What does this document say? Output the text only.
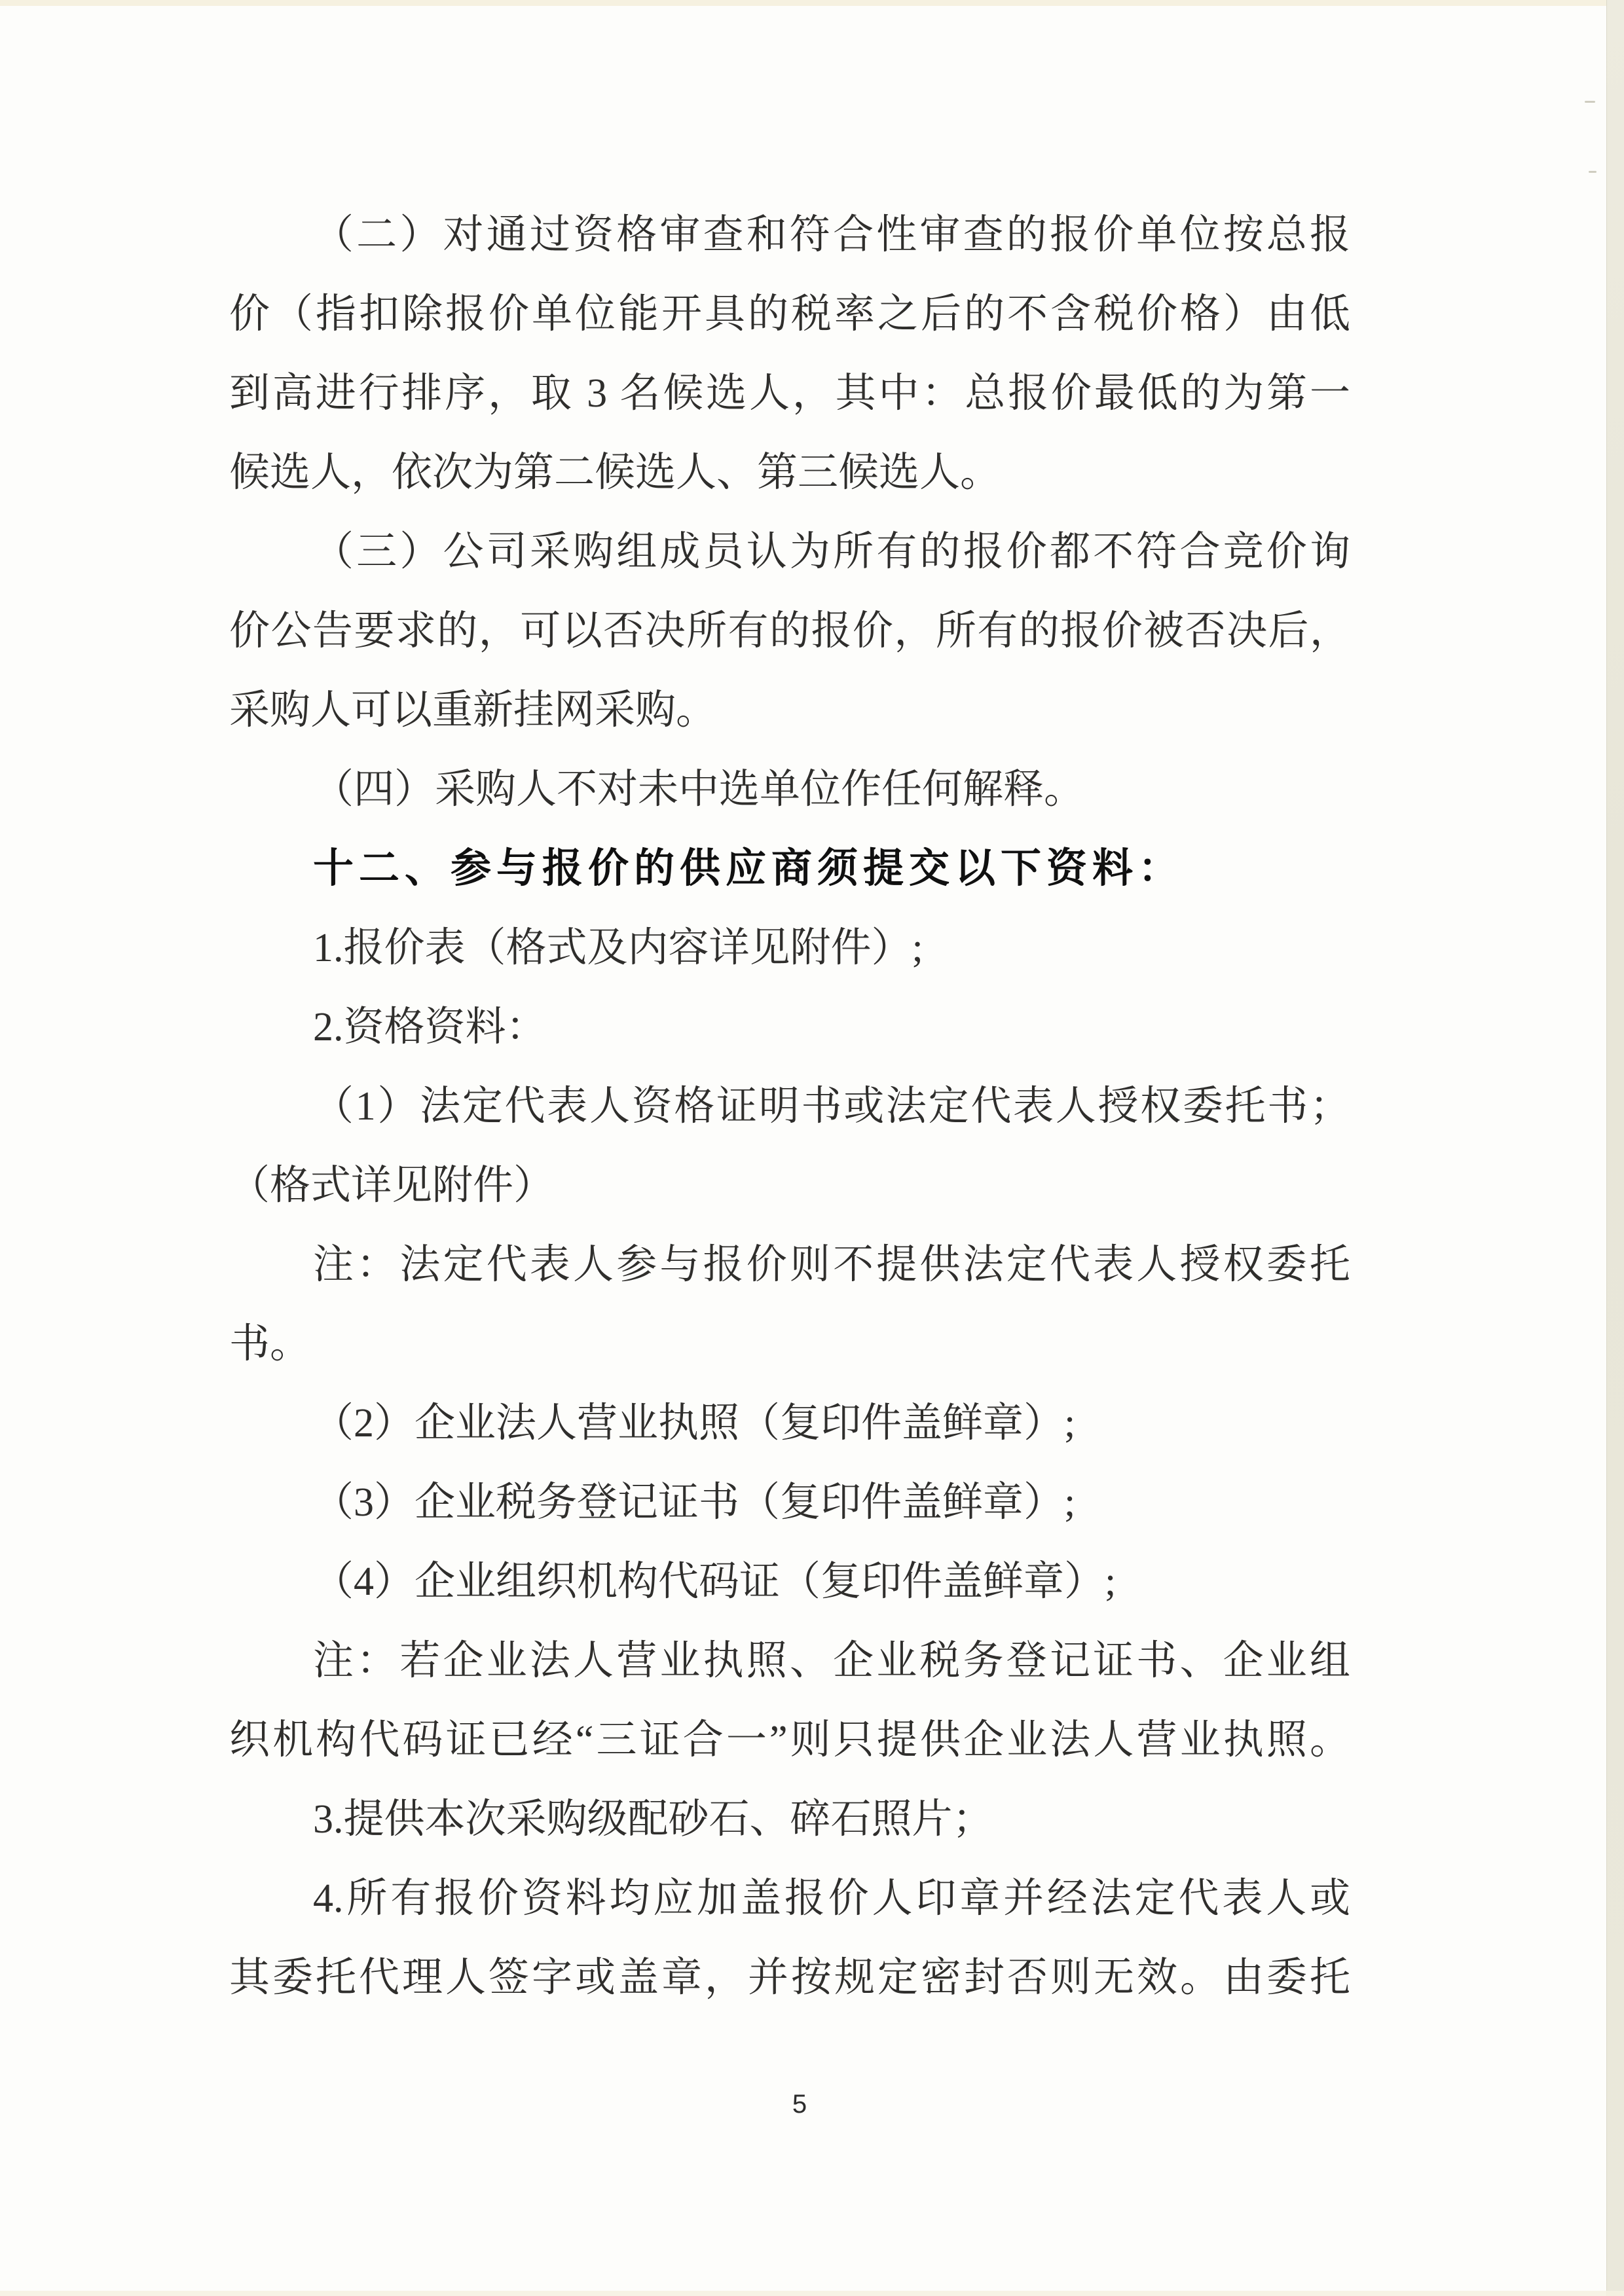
（二）对通过资格审查和符合性审查的报价单位按总报
价（指扣除报价单位能开具的税率之后的不含税价格）由低
到高进行排序，取 3 名候选人，其中：总报价最低的为第一
候选人，依次为第二候选人、第三候选人。
（三）公司采购组成员认为所有的报价都不符合竞价询
价公告要求的，可以否决所有的报价，所有的报价被否决后，
采购人可以重新挂网采购。
（四）采购人不对未中选单位作任何解释。
十二、参与报价的供应商须提交以下资料：
1.报价表（格式及内容详见附件）;
2.资格资料：
（1）法定代表人资格证明书或法定代表人授权委托书；
（格式详见附件）
注：法定代表人参与报价则不提供法定代表人授权委托
书。
（2）企业法人营业执照（复印件盖鲜章）;
（3）企业税务登记证书（复印件盖鲜章）;
（4）企业组织机构代码证（复印件盖鲜章）;
注：若企业法人营业执照、企业税务登记证书、企业组
织机构代码证已经“三证合一”则只提供企业法人营业执照。
3.提供本次采购级配砂石、碎石照片；
4.所有报价资料均应加盖报价人印章并经法定代表人或
其委托代理人签字或盖章，并按规定密封否则无效。由委托
5
